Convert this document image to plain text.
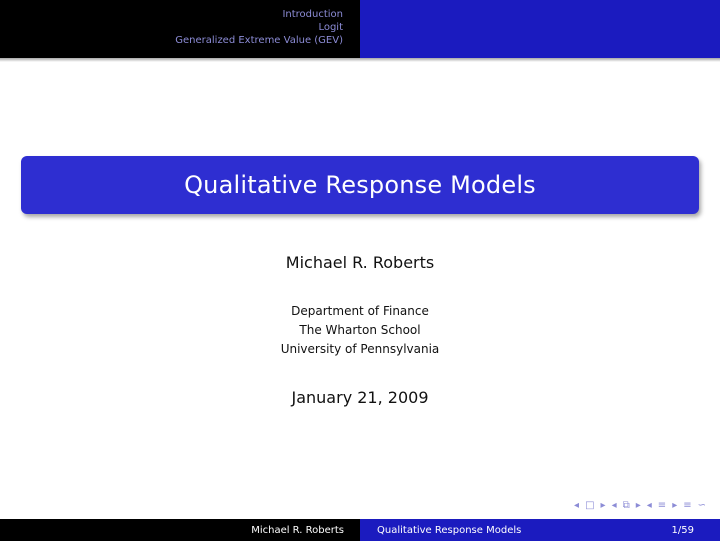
Introduction
Logit
Generalized Extreme Value (GEV)
Qualitative Response Models
Michael R. Roberts
Department of Finance
The Wharton School
University of Pennsylvania
January 21, 2009
◂ □ ▸ ◂ ⧉ ▸ ◂ ≡ ▸ ≡ ∽
Michael R. Roberts	Qualitative Response Models	1/59
